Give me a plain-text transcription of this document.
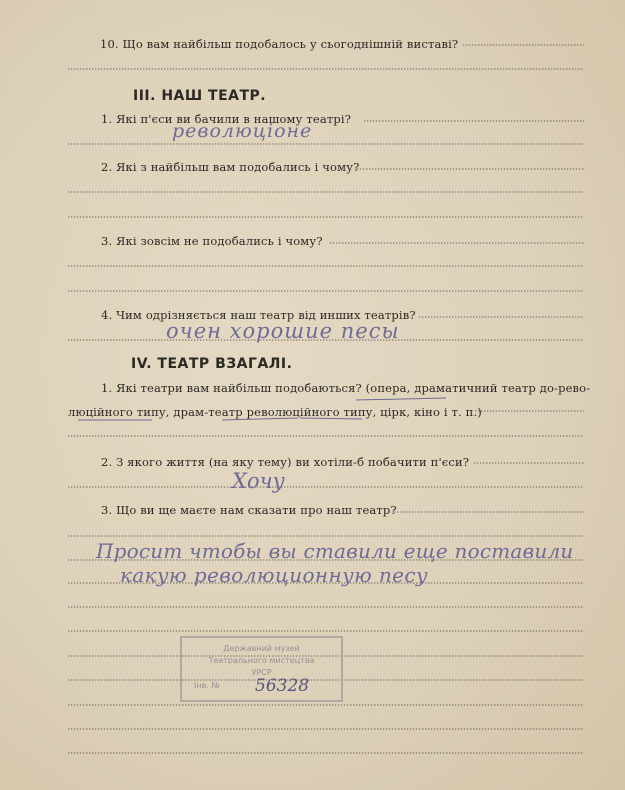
10. Що вам найбільш подобалось у сьогоднішній виставі?
III. НАШ ТЕАТР.
1. Які п'єси ви бачили в нашому театрі?
2. Які з найбільш вам подобались і чому?
3. Які зовсім не подобались і чому?
4. Чим одрізняється наш театр від инших театрів?
IV. ТЕАТР ВЗАГАЛІ.
1. Які театри вам найбільш подобаються? (опера, драматичний театр до-рево-
люційного типу, драм-театр революційного типу, цірк, кіно і т. п.)
2. З якого життя (на яку тему) ви хотіли-б побачити п'єси?
3. Що ви ще маєте нам сказати про наш театр?
революціоне
очен хорошие песы
Хочу
Просит чтобы вы ставили еще поставили
какую революционную песу
Державний музей
Театрального мистецтва
УРСР
Інв. №	56328
